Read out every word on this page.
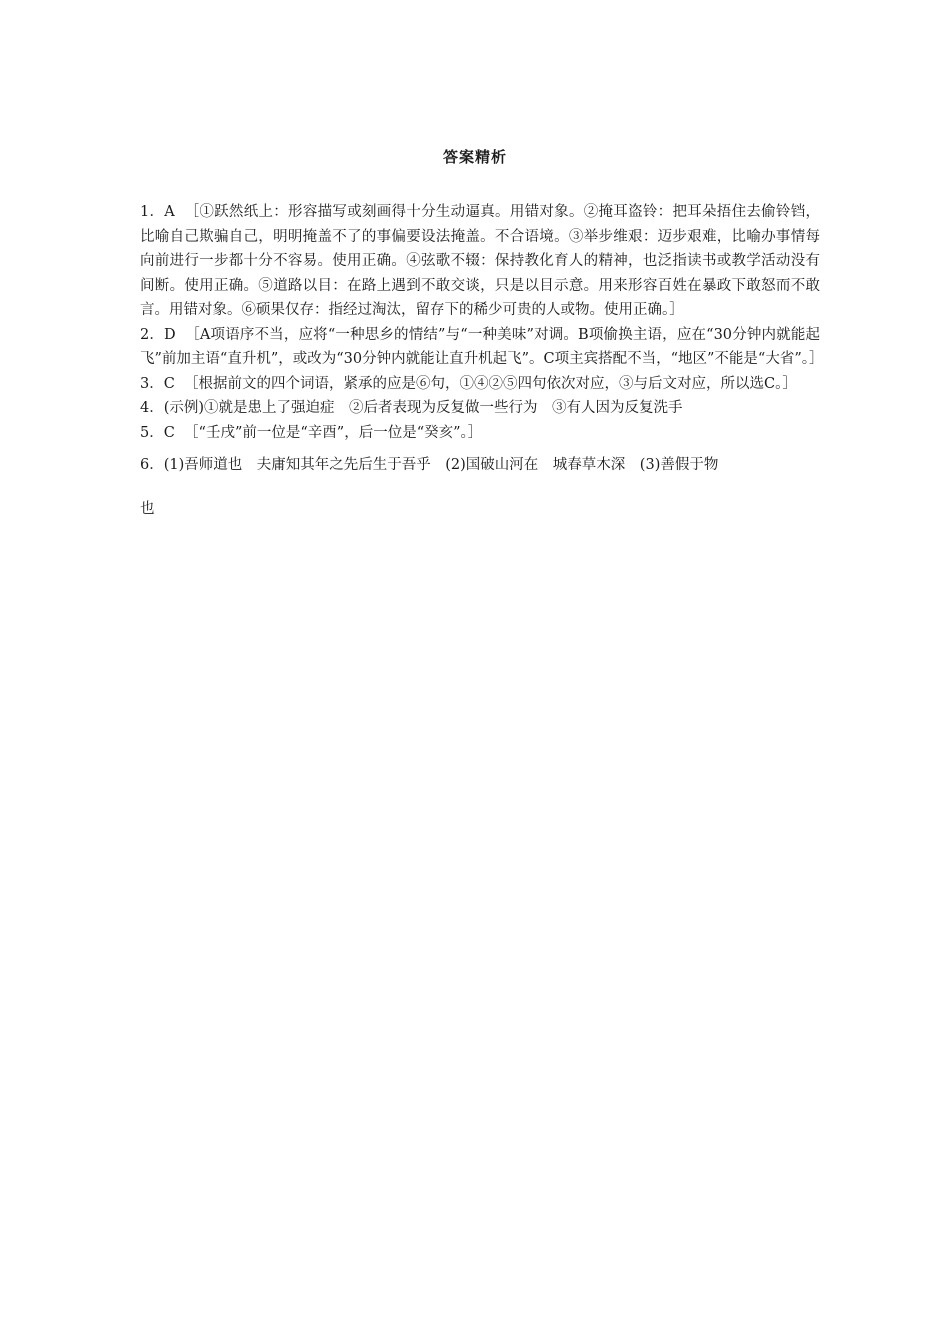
答案精析

1．A ［①跃然纸上：形容描写或刻画得十分生动逼真。用错对象。②掩耳盗铃：把耳朵捂住去偷铃铛，比喻自己欺骗自己，明明掩盖不了的事偏要设法掩盖。不合语境。③举步维艰：迈步艰难，比喻办事情每向前进行一步都十分不容易。使用正确。④弦歌不辍：保持教化育人的精神，也泛指读书或教学活动没有间断。使用正确。⑤道路以目：在路上遇到不敢交谈，只是以目示意。用来形容百姓在暴政下敢怒而不敢言。用错对象。⑥硕果仅存：指经过淘汰，留存下的稀少可贵的人或物。使用正确。］

2．D ［A项语序不当，应将“一种思乡的情结”与“一种美味”对调。B项偷换主语，应在“30分钟内就能起飞”前加主语“直升机”，或改为“30分钟内就能让直升机起飞”。C项主宾搭配不当，“地区”不能是“大省”。］

3．C ［根据前文的四个词语，紧承的应是⑥句，①④②⑤四句依次对应，③与后文对应，所以选C。］

4．(示例)①就是患上了强迫症　②后者表现为反复做一些行为　③有人因为反复洗手

5．C ［“壬戌”前一位是“辛酉”，后一位是“癸亥”。］

6．(1)吾师道也　夫庸知其年之先后生于吾乎　(2)国破山河在　城春草木深　(3)善假于物
也
